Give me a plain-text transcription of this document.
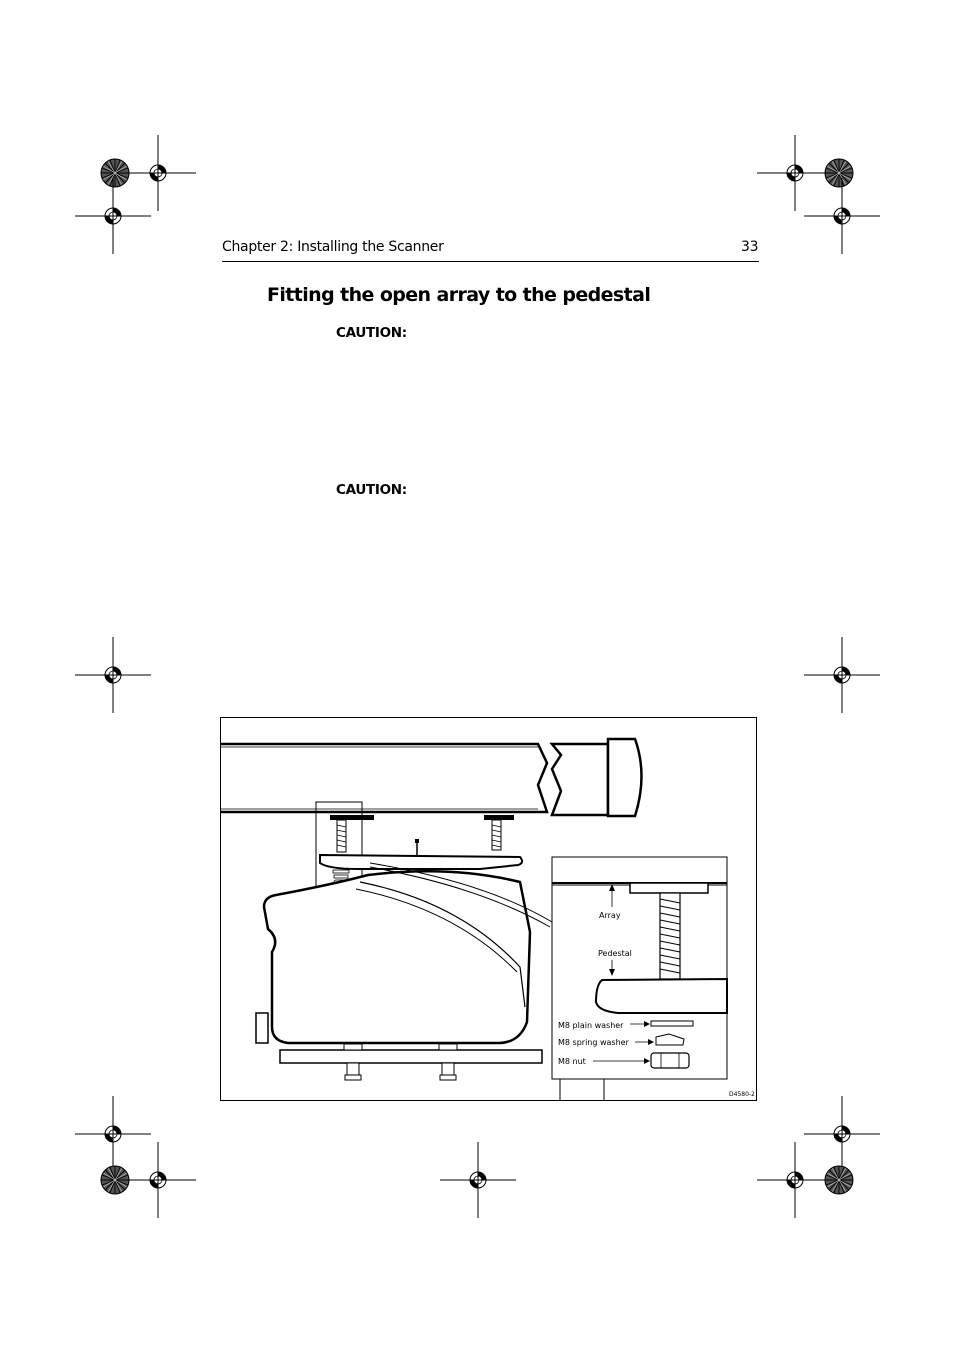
Chapter 2: Installing the Scanner	33
Fitting the open array to the pedestal
CAUTION:
CAUTION:
Array
Pedestal
M8 plain washer
M8 spring washer
M8 nut
D4580-2
